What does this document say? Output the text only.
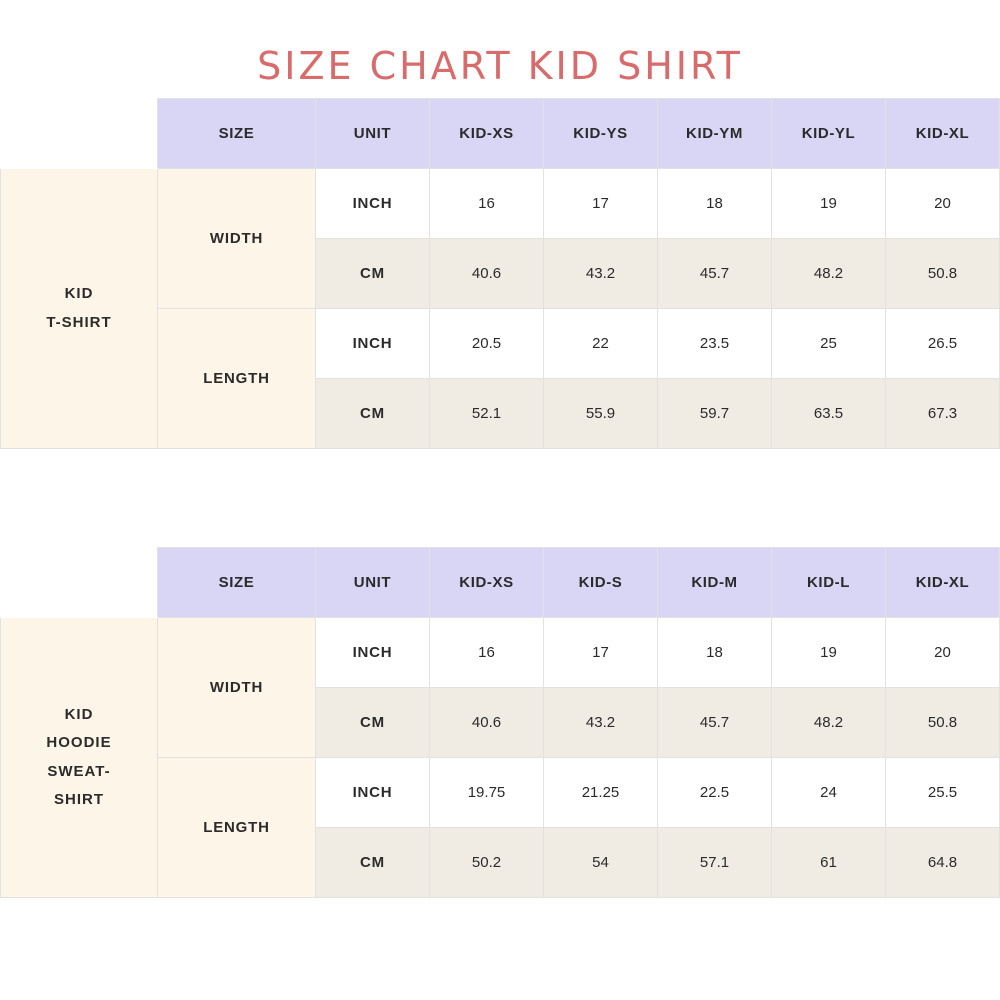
SIZE CHART KID SHIRT
	SIZE	UNIT	KID-XS	KID-YS	KID-YM	KID-YL	KID-XL

KID
T-SHIRT	WIDTH	INCH	16	17	18	19	20
		CM	40.6	43.2	45.7	48.2	50.8
	LENGTH	INCH	20.5	22	23.5	25	26.5
		CM	52.1	55.9	59.7	63.5	67.3
	SIZE	UNIT	KID-XS	KID-S	KID-M	KID-L	KID-XL

KID
HOODIE
SWEAT-
SHIRT	WIDTH	INCH	16	17	18	19	20
		CM	40.6	43.2	45.7	48.2	50.8
	LENGTH	INCH	19.75	21.25	22.5	24	25.5
		CM	50.2	54	57.1	61	64.8
